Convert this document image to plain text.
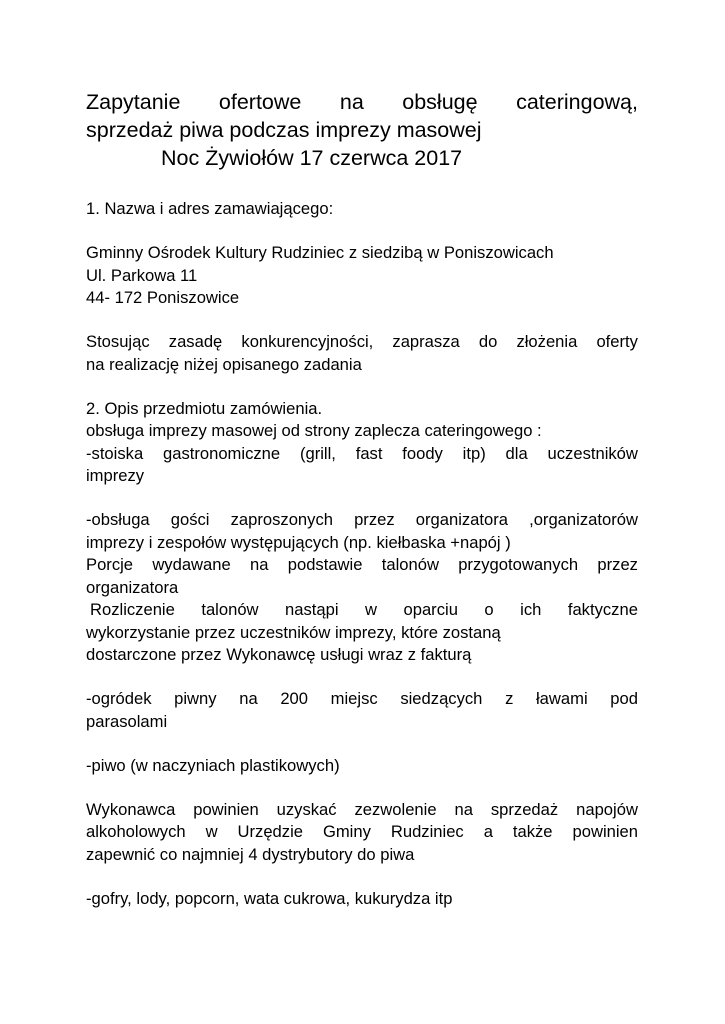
Zapytanie ofertowe na obsługę cateringową,
sprzedaż piwa podczas imprezy masowej
Noc Żywiołów 17 czerwca 2017
1. Nazwa i adres zamawiającego:
Gminny Ośrodek Kultury Rudziniec z siedzibą w Poniszowicach
Ul. Parkowa 11
44- 172 Poniszowice
Stosując zasadę konkurencyjności, zaprasza do złożenia oferty
na realizację niżej opisanego zadania
2. Opis przedmiotu zamówienia.
obsługa imprezy masowej od strony zaplecza cateringowego :
-stoiska gastronomiczne (grill, fast foody itp) dla uczestników
imprezy
-obsługa gości zaproszonych przez organizatora ,organizatorów
imprezy i zespołów występujących (np. kiełbaska +napój )
Porcje wydawane na podstawie talonów przygotowanych przez
organizatora
Rozliczenie talonów nastąpi w oparciu o ich faktyczne
wykorzystanie przez uczestników imprezy, które zostaną
dostarczone przez Wykonawcę usługi wraz z fakturą
-ogródek piwny na 200 miejsc siedzących z ławami pod
parasolami
-piwo (w naczyniach plastikowych)
Wykonawca powinien uzyskać zezwolenie na sprzedaż napojów
alkoholowych w Urzędzie Gminy Rudziniec a także powinien
zapewnić co najmniej 4 dystrybutory do piwa
-gofry, lody, popcorn, wata cukrowa, kukurydza itp
